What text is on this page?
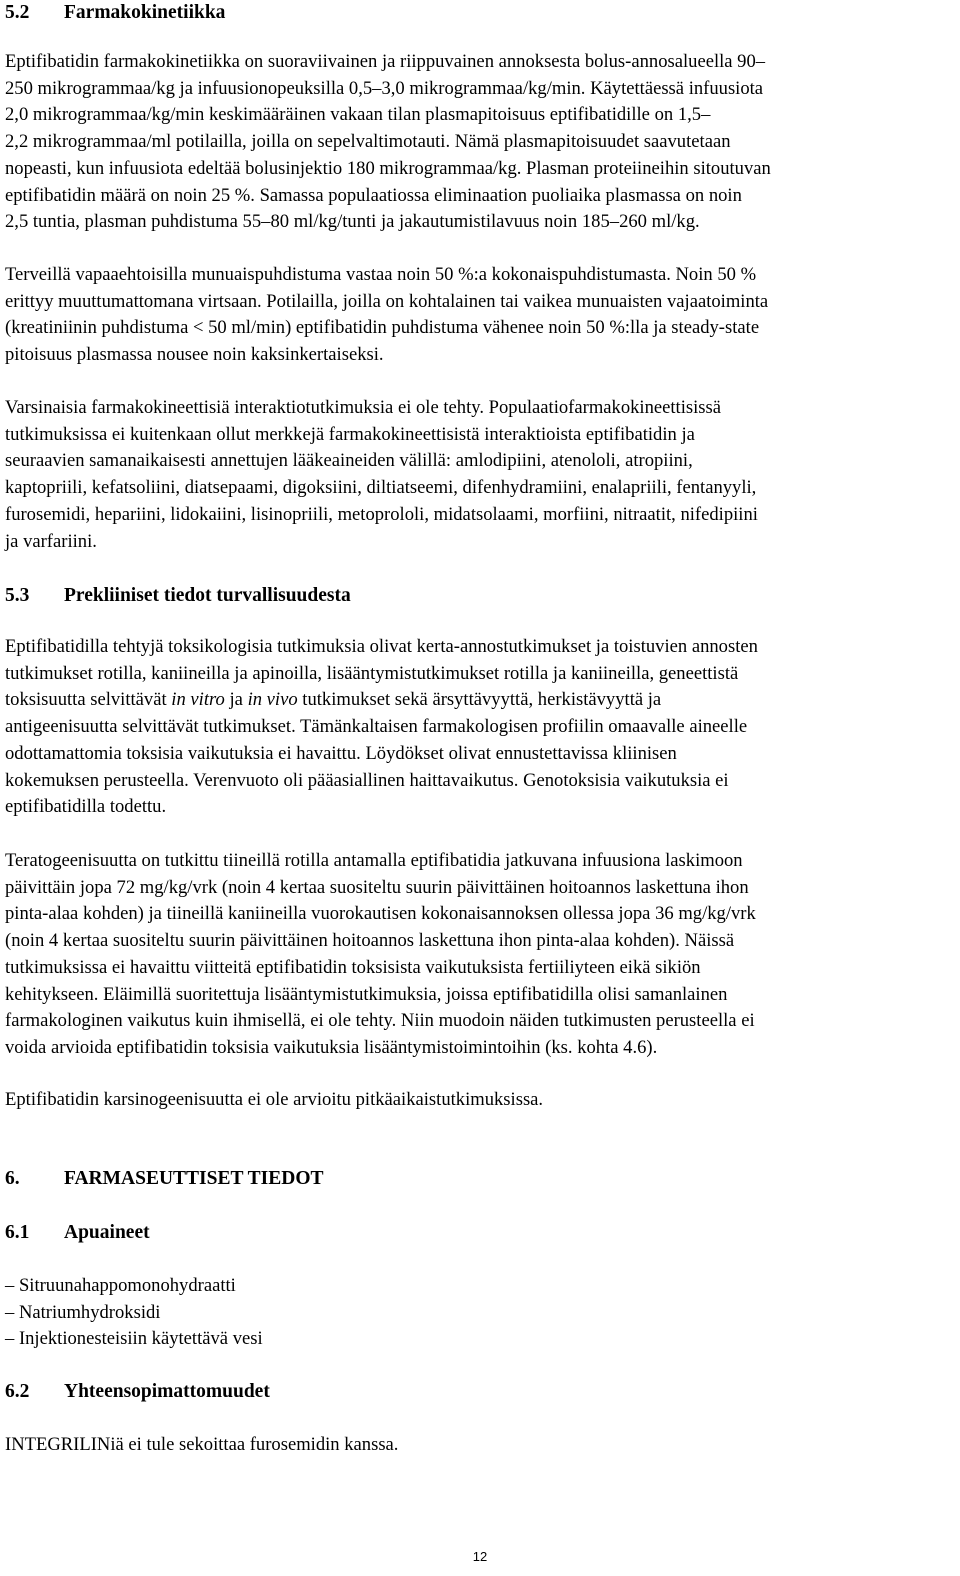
5.2	Farmakokinetiikka

Eptifibatidin farmakokinetiikka on suoraviivainen ja riippuvainen annoksesta bolus-annosalueella 90–
250 mikrogrammaa/kg ja infuusionopeuksilla 0,5–3,0 mikrogrammaa/kg/min. Käytettäessä infuusiota
2,0 mikrogrammaa/kg/min keskimääräinen vakaan tilan plasmapitoisuus eptifibatidille on 1,5–
2,2 mikrogrammaa/ml potilailla, joilla on sepelvaltimotauti. Nämä plasmapitoisuudet saavutetaan
nopeasti, kun infuusiota edeltää bolusinjektio 180 mikrogrammaa/kg. Plasman proteiineihin sitoutuvan
eptifibatidin määrä on noin 25 %. Samassa populaatiossa eliminaation puoliaika plasmassa on noin
2,5 tuntia, plasman puhdistuma 55–80 ml/kg/tunti ja jakautumistilavuus noin 185–260 ml/kg.

Terveillä vapaaehtoisilla munuaispuhdistuma vastaa noin 50 %:a kokonaispuhdistumasta. Noin 50 %
erittyy muuttumattomana virtsaan. Potilailla, joilla on kohtalainen tai vaikea munuaisten vajaatoiminta
(kreatiniinin puhdistuma < 50 ml/min) eptifibatidin puhdistuma vähenee noin 50 %:lla ja steady-state
pitoisuus plasmassa nousee noin kaksinkertaiseksi.

Varsinaisia farmakokineettisiä interaktiotutkimuksia ei ole tehty. Populaatiofarmakokineettisissä
tutkimuksissa ei kuitenkaan ollut merkkejä farmakokineettisistä interaktioista eptifibatidin ja
seuraavien samanaikaisesti annettujen lääkeaineiden välillä: amlodipiini, atenololi, atropiini,
kaptopriili, kefatsoliini, diatsepaami, digoksiini, diltiatseemi, difenhydramiini, enalapriili, fentanyyli,
furosemidi, hepariini, lidokaiini, lisinopriili, metoprololi, midatsolaami, morfiini, nitraatit, nifedipiini
ja varfariini.

5.3	Prekliiniset tiedot turvallisuudesta

Eptifibatidilla tehtyjä toksikologisia tutkimuksia olivat kerta-annostutkimukset ja toistuvien annosten
tutkimukset rotilla, kaniineilla ja apinoilla, lisääntymistutkimukset rotilla ja kaniineilla, geneettistä
toksisuutta selvittävät in vitro ja in vivo tutkimukset sekä ärsyttävyyttä, herkistävyyttä ja
antigeenisuutta selvittävät tutkimukset. Tämänkaltaisen farmakologisen profiilin omaavalle aineelle
odottamattomia toksisia vaikutuksia ei havaittu. Löydökset olivat ennustettavissa kliinisen
kokemuksen perusteella. Verenvuoto oli pääasiallinen haittavaikutus. Genotoksisia vaikutuksia ei
eptifibatidilla todettu.

Teratogeenisuutta on tutkittu tiineillä rotilla antamalla eptifibatidia jatkuvana infuusiona laskimoon
päivittäin jopa 72 mg/kg/vrk (noin 4 kertaa suositeltu suurin päivittäinen hoitoannos laskettuna ihon
pinta-alaa kohden) ja tiineillä kaniineilla vuorokautisen kokonaisannoksen ollessa jopa 36 mg/kg/vrk
(noin 4 kertaa suositeltu suurin päivittäinen hoitoannos laskettuna ihon pinta-alaa kohden). Näissä
tutkimuksissa ei havaittu viitteitä eptifibatidin toksisista vaikutuksista fertiiliyteen eikä sikiön
kehitykseen. Eläimillä suoritettuja lisääntymistutkimuksia, joissa eptifibatidilla olisi samanlainen
farmakologinen vaikutus kuin ihmisellä, ei ole tehty. Niin muodoin näiden tutkimusten perusteella ei
voida arvioida eptifibatidin toksisia vaikutuksia lisääntymistoimintoihin (ks. kohta 4.6).

Eptifibatidin karsinogeenisuutta ei ole arvioitu pitkäaikaistutkimuksissa.

6.	FARMASEUTTISET TIEDOT
6.1	Apuaineet
– Sitruunahappomonohydraatti
– Natriumhydroksidi
– Injektionesteisiin käytettävä vesi
6.2	Yhteensopimattomuudet

INTEGRILINiä ei tule sekoittaa furosemidin kanssa.

12
